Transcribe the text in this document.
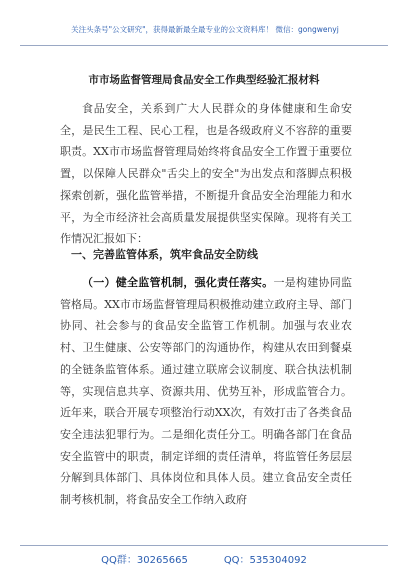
关注头条号"公文研究"，获得最新最全最专业的公文资料库！ 微信：gongwenyj
市市场监督管理局食品安全工作典型经验汇报材料
食品安全，关系到广大人民群众的身体健康和生命安全，是民生工程、民心工程，也是各级政府义不容辞的重要职责。XX市市场监督管理局始终将食品安全工作置于重要位置，以保障人民群众"舌尖上的安全"为出发点和落脚点积极探索创新，强化监管举措，不断提升食品安全治理能力和水平，为全市经济社会高质量发展提供坚实保障。现将有关工作情况汇报如下：
一、完善监管体系，筑牢食品安全防线
（一）健全监管机制，强化责任落实。一是构建协同监管格局。XX市市场监督管理局积极推动建立政府主导、部门协同、社会参与的食品安全监管工作机制。加强与农业农村、卫生健康、公安等部门的沟通协作，构建从农田到餐桌的全链条监管体系。通过建立联席会议制度、联合执法机制等，实现信息共享、资源共用、优势互补，形成监管合力。近年来，联合开展专项整治行动XX次，有效打击了各类食品安全违法犯罪行为。二是细化责任分工。明确各部门在食品安全监管中的职责，制定详细的责任清单，将监管任务层层分解到具体部门、具体岗位和具体人员。建立食品安全责任制考核机制，将食品安全工作纳入政府
QQ群：30265665	QQ：535304092
